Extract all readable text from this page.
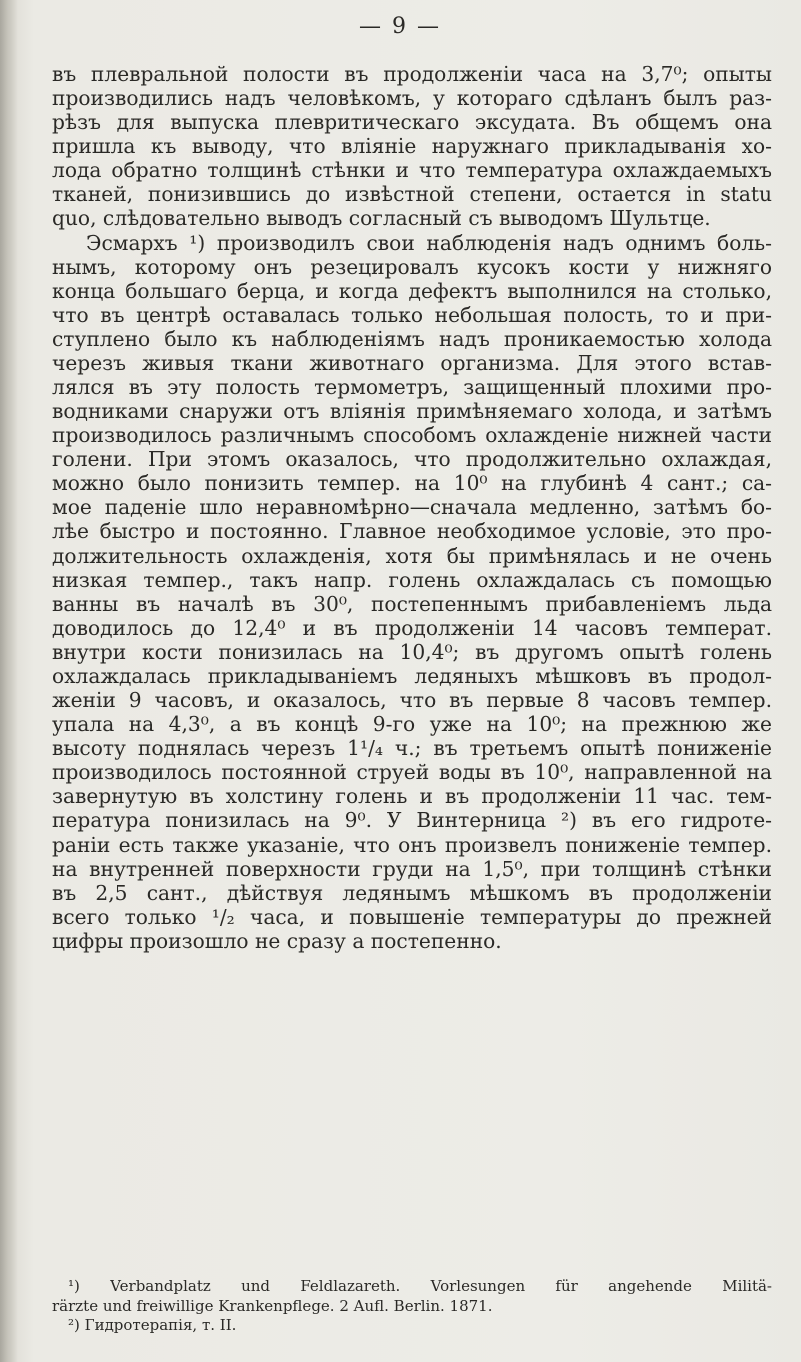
— 9 —
въ плевральной полости въ продолженіи часа на 3,7⁰; опыты
производились надъ человѣкомъ, у котораго сдѣланъ былъ раз-
рѣзъ для выпуска плевритическаго эксудата. Въ общемъ она
пришла къ выводу, что вліяніе наружнаго прикладыванія хо-
лода обратно толщинѣ стѣнки и что температура охлаждаемыхъ
тканей, понизившись до извѣстной степени, остается in statu
quo, слѣдовательно выводъ согласный съ выводомъ Шультце.
Эсмархъ ¹) производилъ свои наблюденія надъ однимъ боль-
нымъ, которому онъ резецировалъ кусокъ кости у нижняго
конца большаго берца, и когда дефектъ выполнился на столько,
что въ центрѣ оставалась только небольшая полость, то и при-
ступлено было къ наблюденіямъ надъ проникаемостью холода
черезъ живыя ткани животнаго организма. Для этого встав-
лялся въ эту полость термометръ, защищенный плохими про-
водниками снаружи отъ вліянія примѣняемаго холода, и затѣмъ
производилось различнымъ способомъ охлажденіе нижней части
голени. При этомъ оказалось, что продолжительно охлаждая,
можно было понизить темпер. на 10⁰ на глубинѣ 4 сант.; са-
мое паденіе шло неравномѣрно—сначала медленно, затѣмъ бо-
лѣе быстро и постоянно. Главное необходимое условіе, это про-
должительность охлажденія, хотя бы примѣнялась и не очень
низкая темпер., такъ напр. голень охлаждалась съ помощью
ванны въ началѣ въ 30⁰, постепеннымъ прибавленіемъ льда
доводилось до 12,4⁰ и въ продолженіи 14 часовъ температ.
внутри кости понизилась на 10,4⁰; въ другомъ опытѣ голень
охлаждалась прикладываніемъ ледяныхъ мѣшковъ въ продол-
женіи 9 часовъ, и оказалось, что въ первые 8 часовъ темпер.
упала на 4,3⁰, а въ концѣ 9-го уже на 10⁰; на прежнюю же
высоту поднялась черезъ 1¹/₄ ч.; въ третьемъ опытѣ пониженіе
производилось постоянной струей воды въ 10⁰, направленной на
завернутую въ холстину голень и въ продолженіи 11 час. тем-
пература понизилась на 9⁰. У Винтерница ²) въ его гидроте-
раніи есть также указаніе, что онъ произвелъ пониженіе темпер.
на внутренней поверхности груди на 1,5⁰, при толщинѣ стѣнки
въ 2,5 сант., дѣйствуя ледянымъ мѣшкомъ въ продолженіи
всего только ¹/₂ часа, и повышеніе температуры до прежней
цифры произошло не сразу а постепенно.
¹) Verbandplatz und Feldlazareth. Vorlesungen für angehende Militä-
rärzte und freiwillige Krankenpflege. 2 Aufl. Berlin. 1871.
²) Гидротерапія, т. II.
